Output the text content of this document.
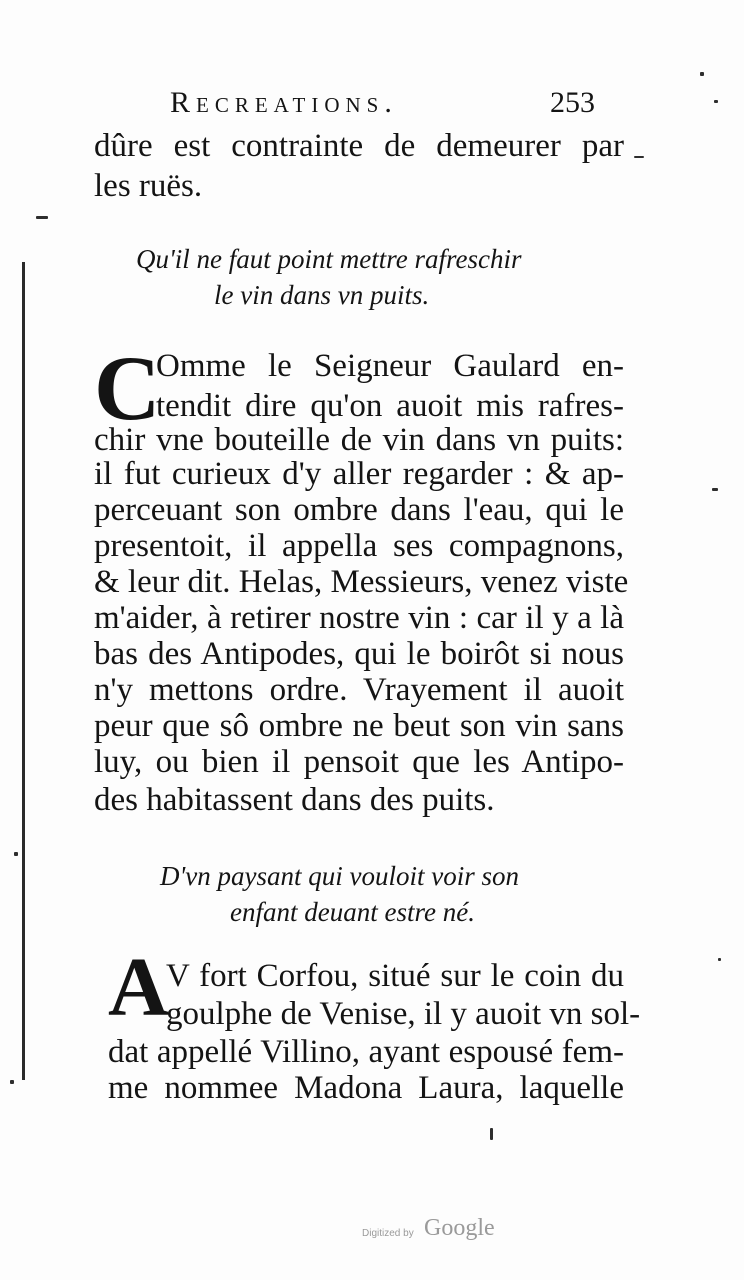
Recreations.	253
dûre est contrainte de demeurer par
les ruës.
Qu'il ne faut point mettre rafreschir
le vin dans vn puits.
C
Omme le Seigneur Gaulard en-
tendit dire qu'on auoit mis rafres-
chir vne bouteille de vin dans vn puits:
il fut curieux d'y aller regarder : & ap-
perceuant son ombre dans l'eau, qui le
presentoit, il appella ses compagnons,
& leur dit. Helas, Messieurs, venez viste
m'aider, à retirer nostre vin : car il y a là
bas des Antipodes, qui le boirôt si nous
n'y mettons ordre. Vrayement il auoit
peur que sô ombre ne beut son vin sans
luy, ou bien il pensoit que les Antipo-
des habitassent dans des puits.
D'vn paysant qui vouloit voir son
enfant deuant estre né.
A
V fort Corfou, situé sur le coin du
goulphe de Venise, il y auoit vn sol-
dat appellé Villino, ayant espousé fem-
me nommee Madona Laura, laquelle
Digitized by Google
